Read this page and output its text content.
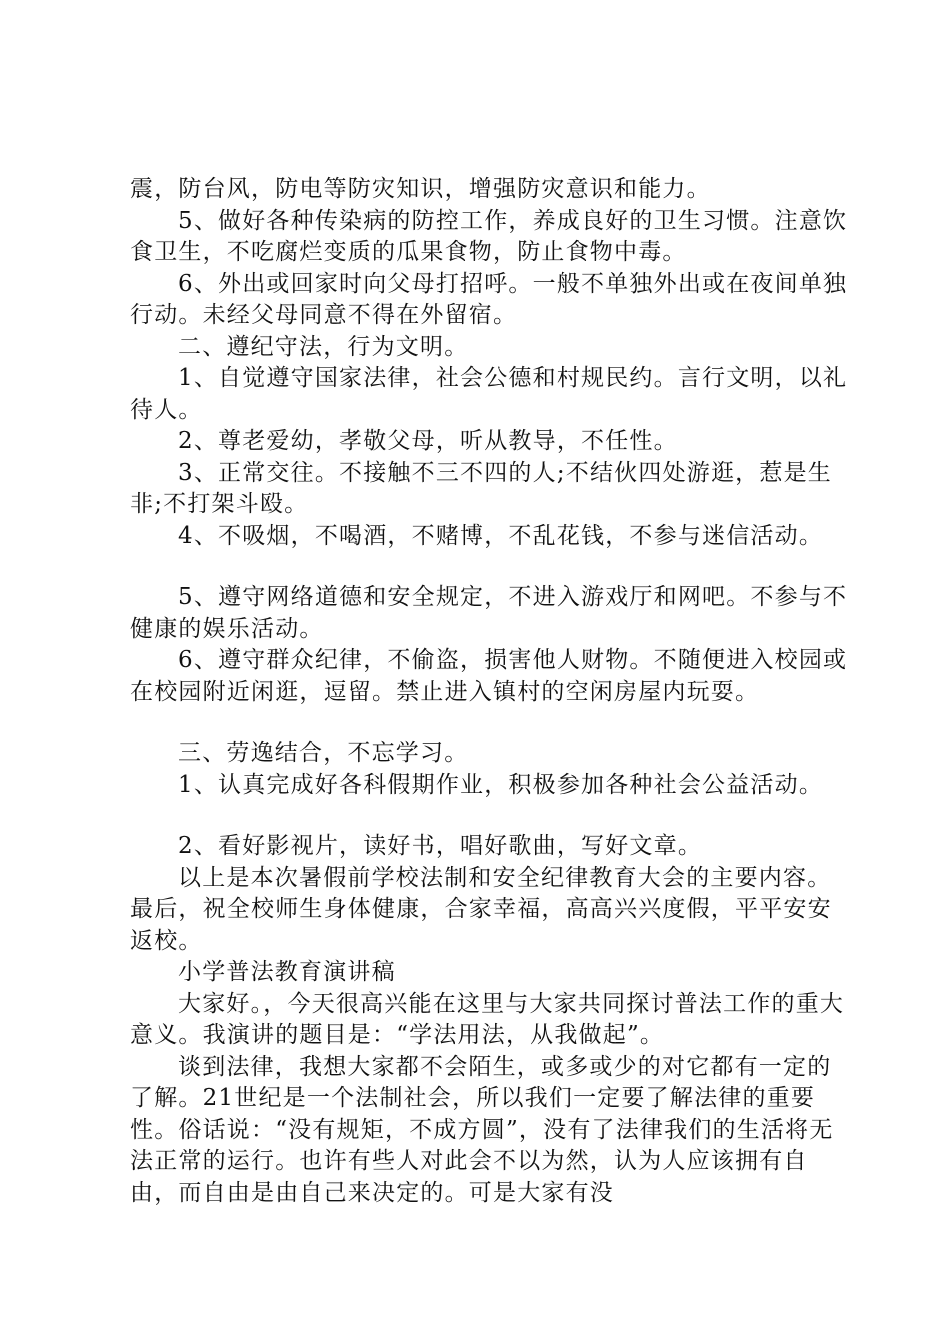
震，防台风，防电等防灾知识，增强防灾意识和能力。

5、做好各种传染病的防控工作，养成良好的卫生习惯。注意饮食卫生，不吃腐烂变质的瓜果食物，防止食物中毒。

6、外出或回家时向父母打招呼。一般不单独外出或在夜间单独行动。未经父母同意不得在外留宿。

二、遵纪守法，行为文明。

1、自觉遵守国家法律，社会公德和村规民约。言行文明，以礼待人。

2、尊老爱幼，孝敬父母，听从教导，不任性。

3、正常交往。不接触不三不四的人;不结伙四处游逛，惹是生非;不打架斗殴。

4、不吸烟，不喝酒，不赌博，不乱花钱，不参与迷信活动。

5、遵守网络道德和安全规定，不进入游戏厅和网吧。不参与不健康的娱乐活动。

6、遵守群众纪律，不偷盗，损害他人财物。不随便进入校园或在校园附近闲逛，逗留。禁止进入镇村的空闲房屋内玩耍。

三、劳逸结合，不忘学习。

1、认真完成好各科假期作业，积极参加各种社会公益活动。

2、看好影视片，读好书，唱好歌曲，写好文章。

以上是本次暑假前学校法制和安全纪律教育大会的主要内容。最后，祝全校师生身体健康，合家幸福，高高兴兴度假，平平安安返校。

小学普法教育演讲稿

大家好。，今天很高兴能在这里与大家共同探讨普法工作的重大意义。我演讲的题目是：“学法用法，从我做起”。

谈到法律，我想大家都不会陌生，或多或少的对它都有一定的了解。21世纪是一个法制社会，所以我们一定要了解法律的重要性。俗话说：“没有规矩，不成方圆”，没有了法律我们的生活将无法正常的运行。也许有些人对此会不以为然，认为人应该拥有自由，而自由是由自己来决定的。可是大家有没
